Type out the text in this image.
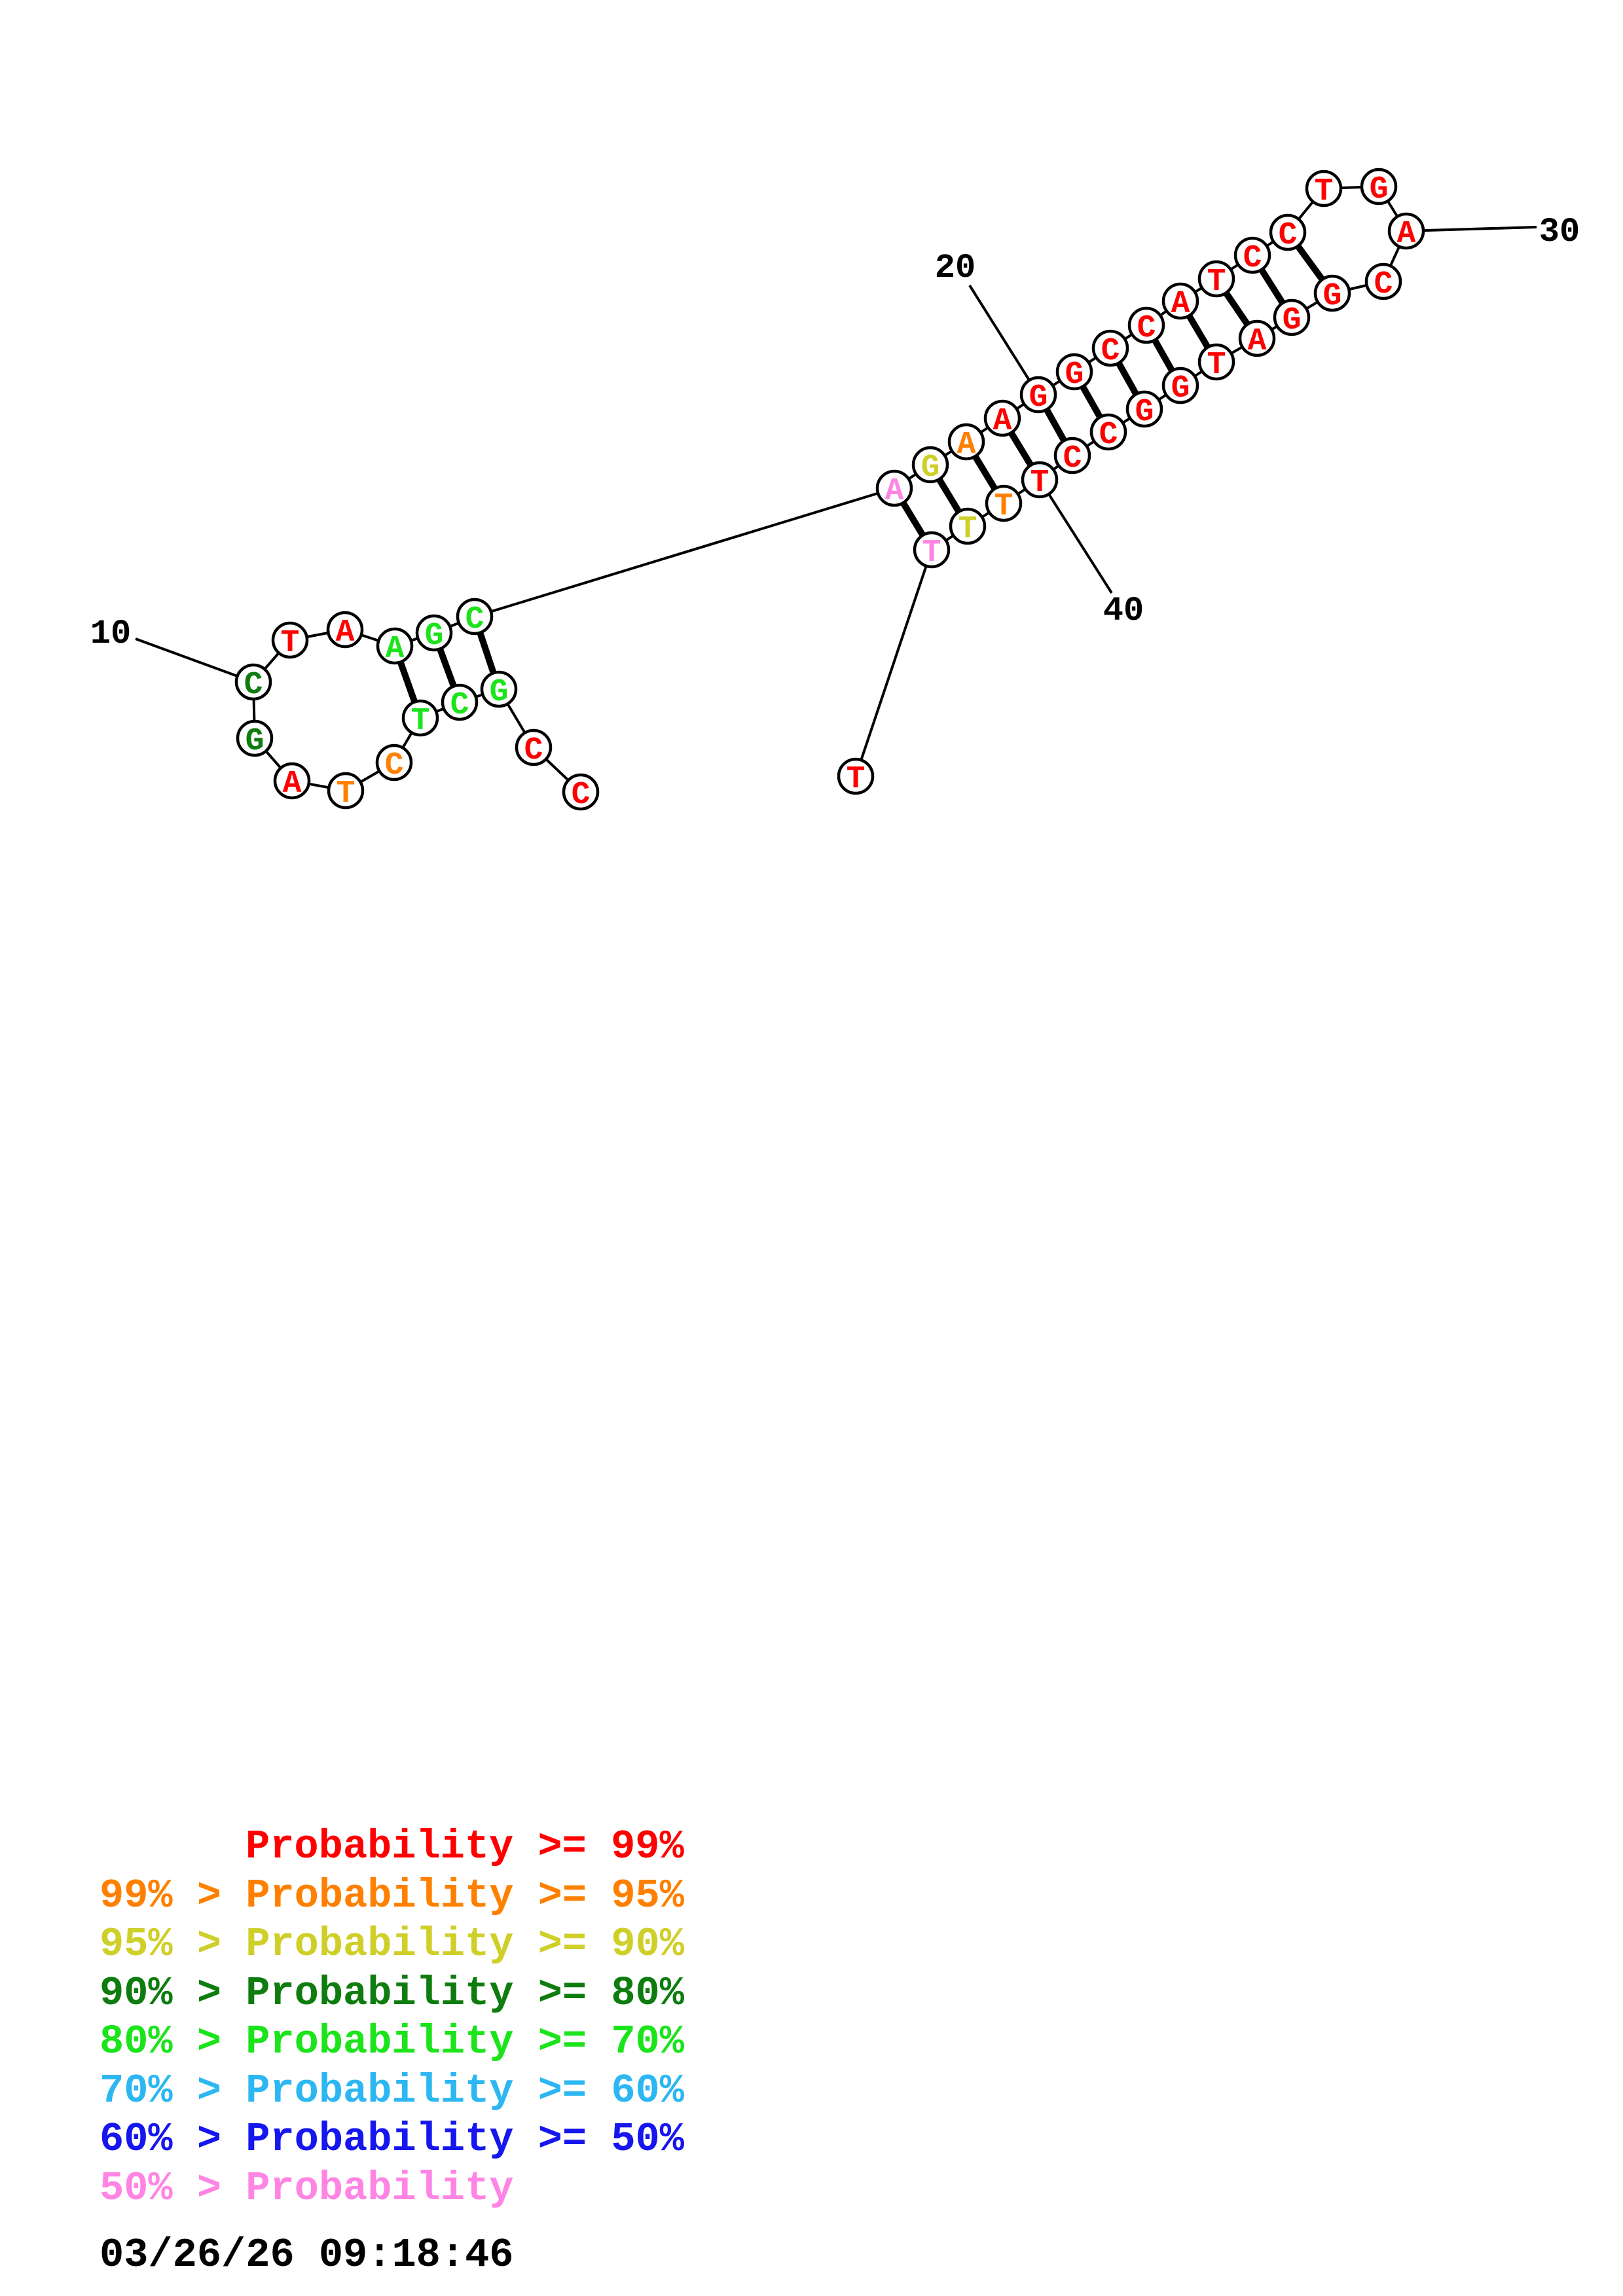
C
C
G
C
T
C
T
A
G
C
T A A G C
A
G
A
A
G
G
C
C
A
T
C
C
T G
A
C
G
G
A
T
G
G
C
C
T
T
T
T
T
10
20
30
40
Probability >= 99%
99% > Probability >= 95%
95% > Probability >= 90%
90% > Probability >= 80%
80% > Probability >= 70%
70% > Probability >= 60%
60% > Probability >= 50%
50% > Probability
03/26/26 09:18:46
